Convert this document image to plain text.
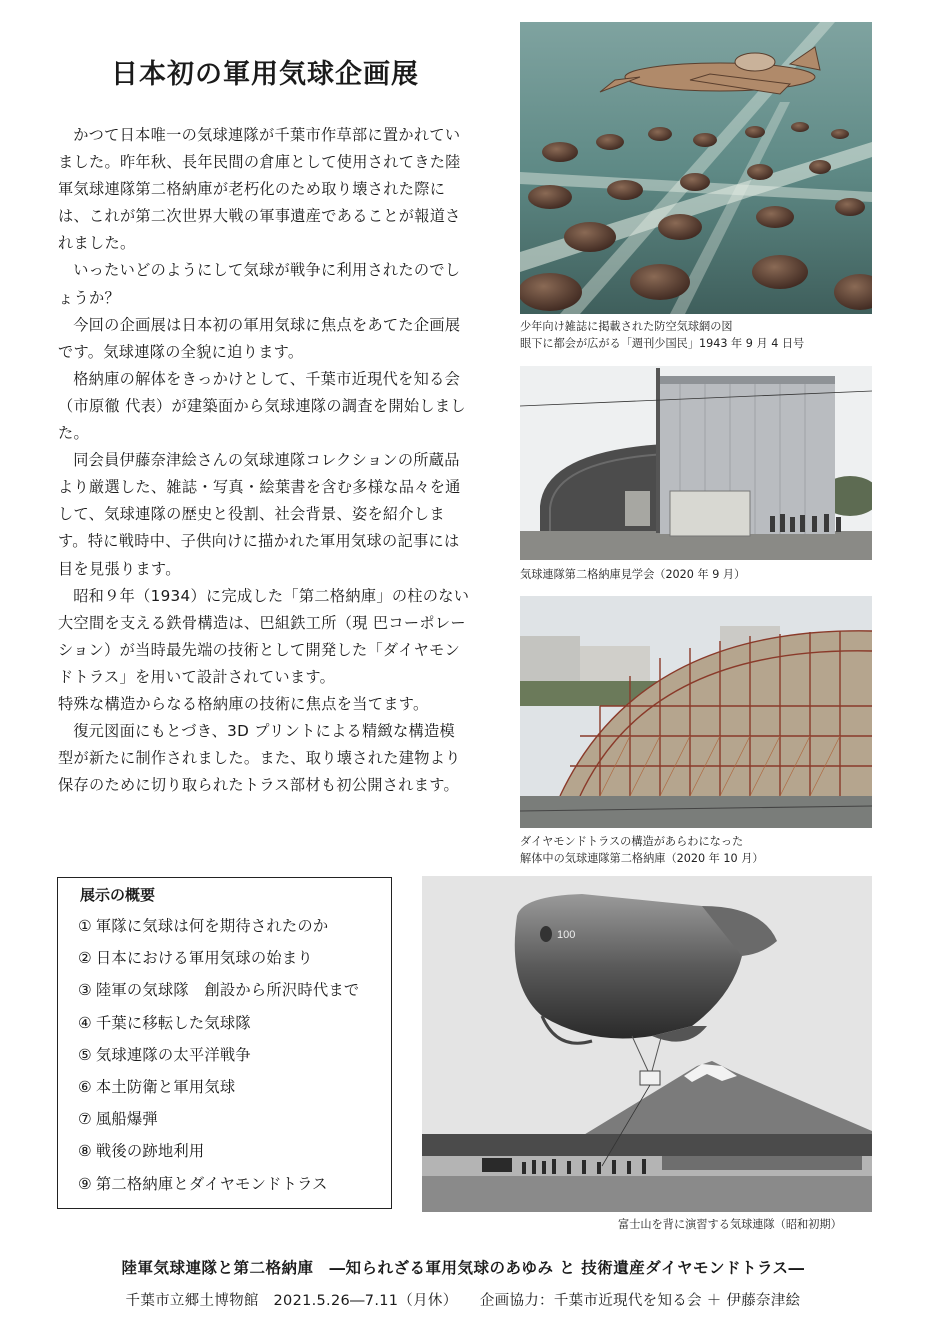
日本初の軍用気球企画展

かつて日本唯一の気球連隊が千葉市作草部に置かれていました。昨年秋、長年民間の倉庫として使用されてきた陸軍気球連隊第二格納庫が老朽化のため取り壊された際には、これが第二次世界大戦の軍事遺産であることが報道されました。

いったいどのようにして気球が戦争に利用されたのでしょうか？

今回の企画展は日本初の軍用気球に焦点をあてた企画展です。気球連隊の全貌に迫ります。

格納庫の解体をきっかけとして、千葉市近現代を知る会（市原徹 代表）が建築面から気球連隊の調査を開始しました。

同会員伊藤奈津絵さんの気球連隊コレクションの所蔵品より厳選した、雑誌・写真・絵葉書を含む多様な品々を通して、気球連隊の歴史と役割、社会背景、姿を紹介します。特に戦時中、子供向けに描かれた軍用気球の記事には目を見張ります。

昭和９年（1934）に完成した「第二格納庫」の柱のない大空間を支える鉄骨構造は、巴組鉄工所（現 巴コーポレーション）が当時最先端の技術として開発した「ダイヤモンドトラス」を用いて設計されています。

特殊な構造からなる格納庫の技術に焦点を当てます。

復元図面にもとづき、3D プリントによる精緻な構造模型が新たに制作されました。また、取り壊された建物より保存のために切り取られたトラス部材も初公開されます。

少年向け雑誌に掲載された防空気球網の図

眼下に都会が広がる「週刊少国民」1943 年 9 月 4 日号

気球連隊第二格納庫見学会（2020 年 9 月）

ダイヤモンドトラスの構造があらわになった

解体中の気球連隊第二格納庫（2020 年 10 月）

展示の概要

① 軍隊に気球は何を期待されたのか
② 日本における軍用気球の始まり
③ 陸軍の気球隊　創設から所沢時代まで
④ 千葉に移転した気球隊
⑤ 気球連隊の太平洋戦争
⑥ 本土防衛と軍用気球
⑦ 風船爆弾
⑧ 戦後の跡地利用
⑨ 第二格納庫とダイヤモンドトラス
100

富士山を背に演習する気球連隊（昭和初期）

陸軍気球連隊と第二格納庫　―知られざる軍用気球のあゆみ と 技術遺産ダイヤモンドトラス―

千葉市立郷土博物館　2021.5.26―7.11（月休）　　企画協力：千葉市近現代を知る会 ＋ 伊藤奈津絵
